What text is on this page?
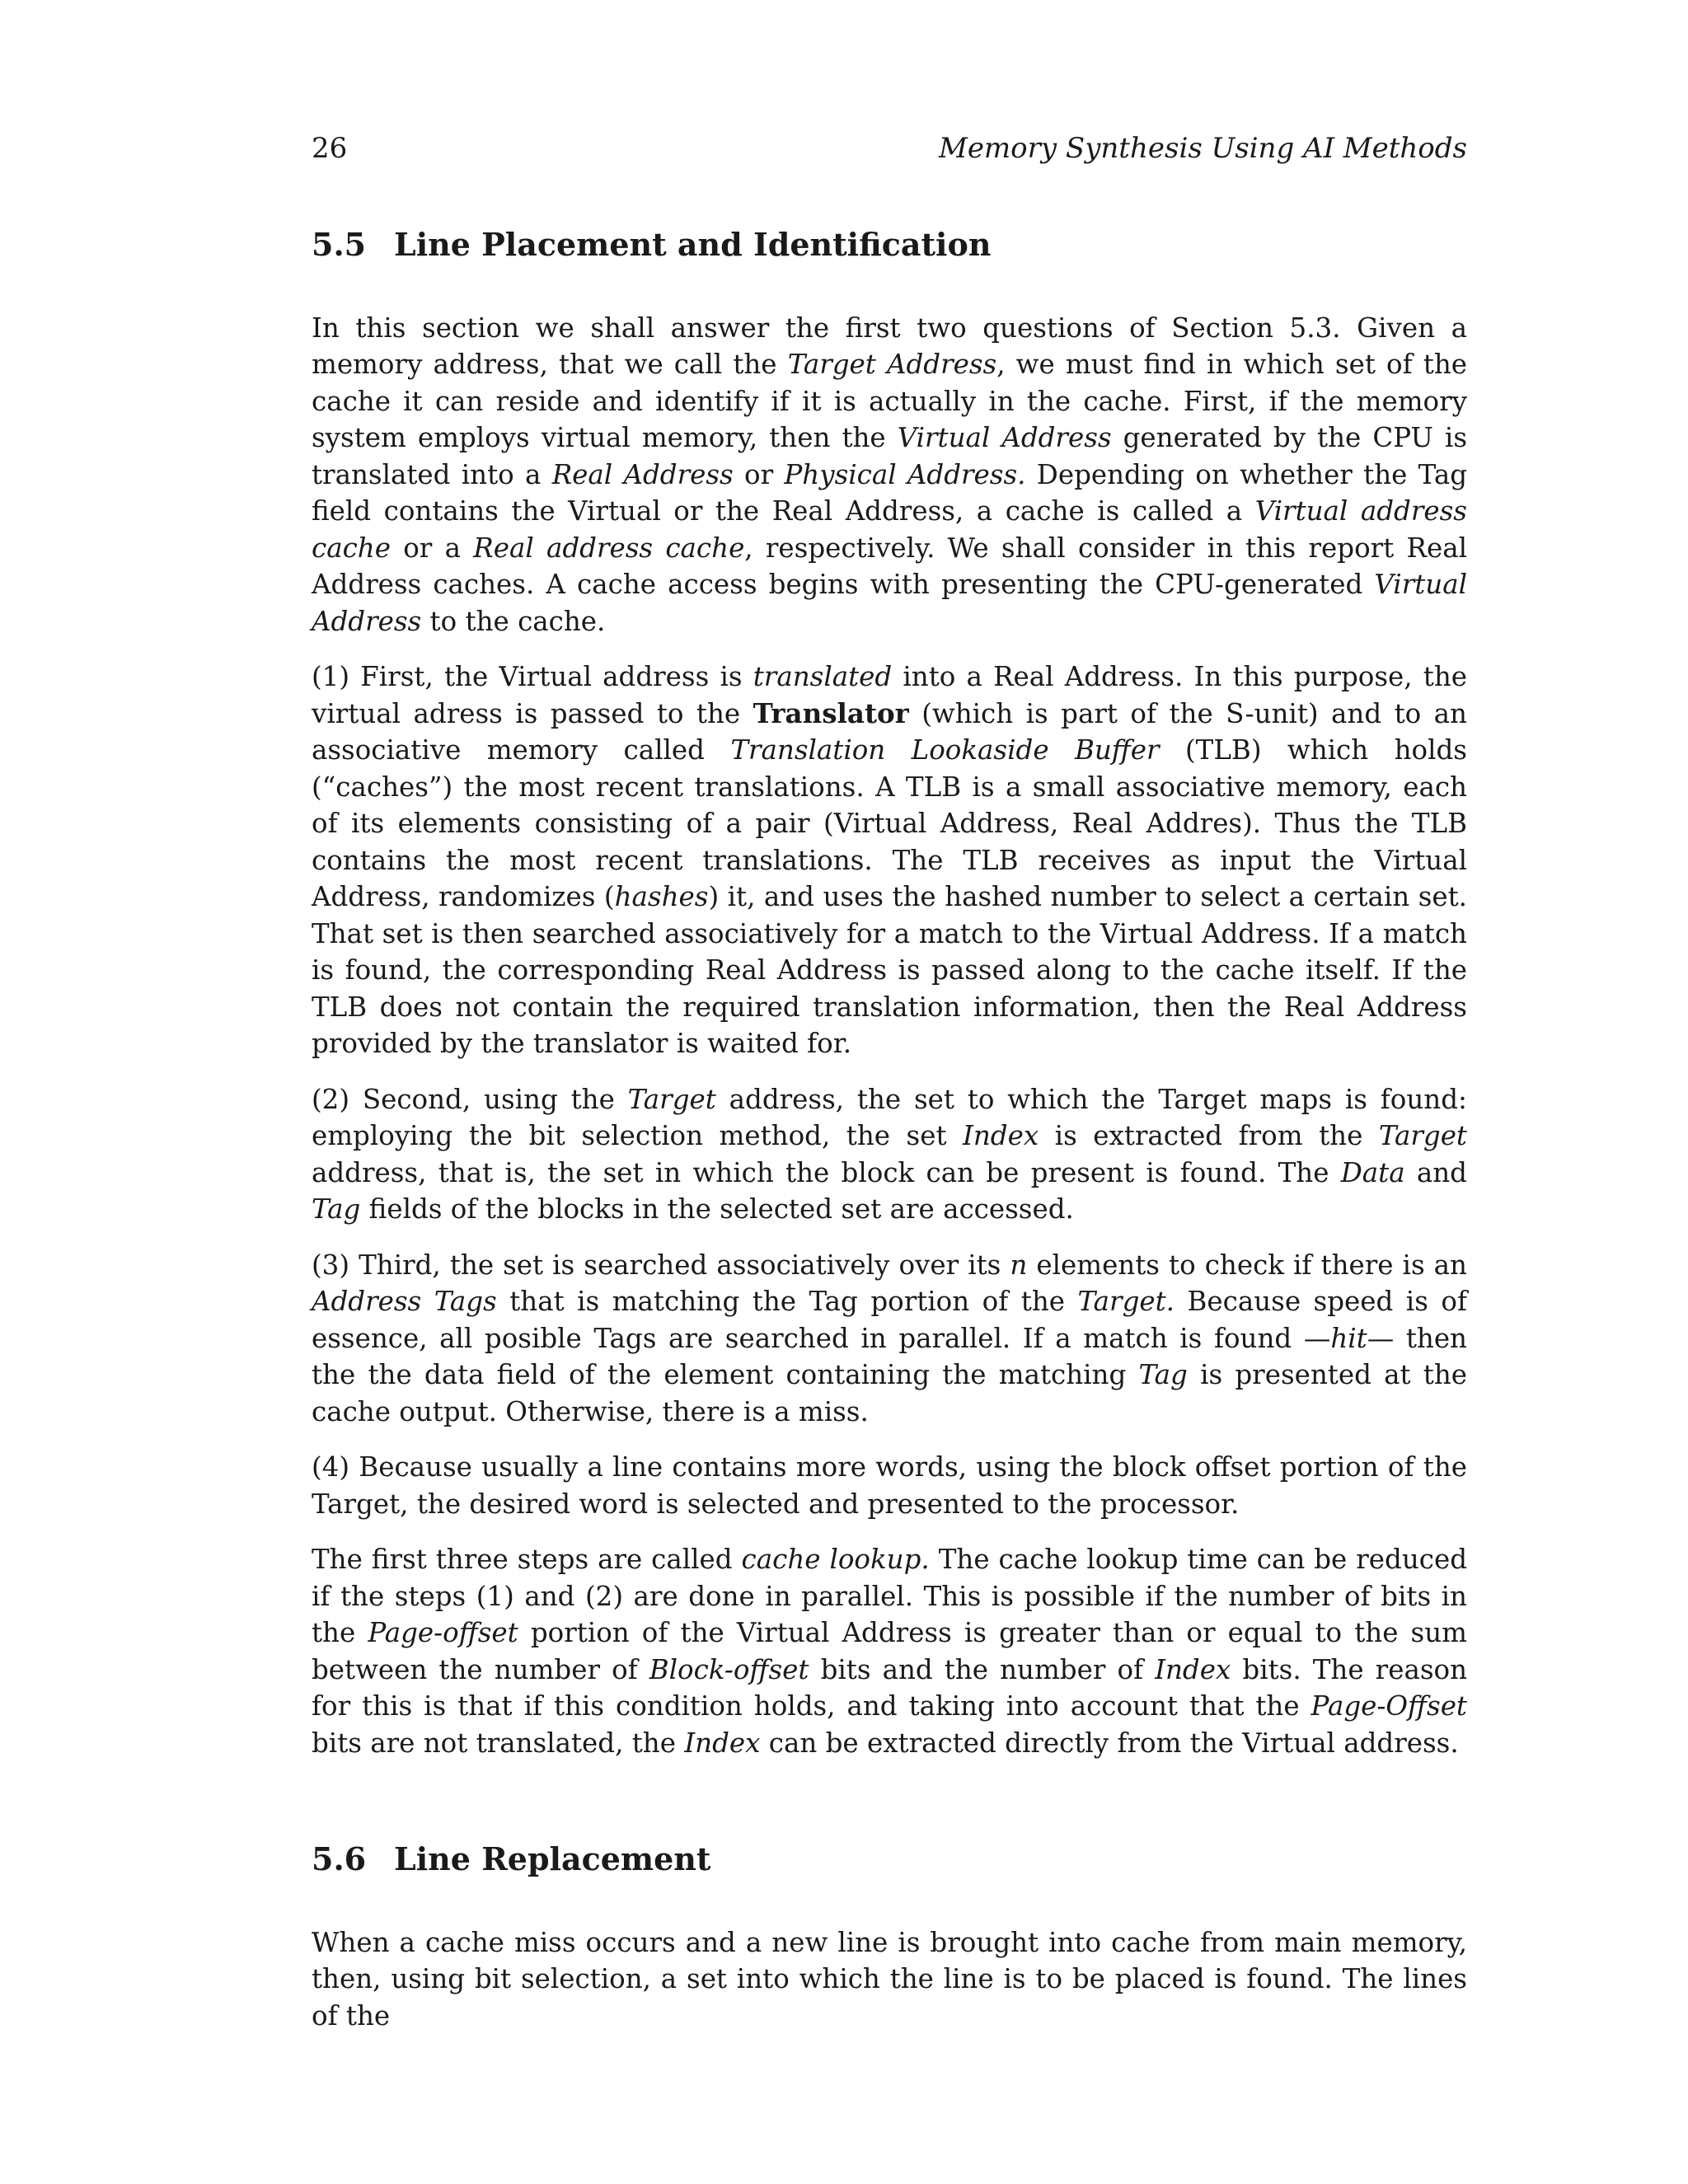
26	Memory Synthesis Using AI Methods
5.5 Line Placement and Identification

In this section we shall answer the first two questions of Section 5.3. Given a memory address, that we call the Target Address, we must find in which set of the cache it can reside and identify if it is actually in the cache. First, if the memory system employs virtual memory, then the Virtual Address generated by the CPU is translated into a Real Address or Physical Address. Depending on whether the Tag field contains the Virtual or the Real Address, a cache is called a Virtual address cache or a Real address cache, respectively. We shall consider in this report Real Address caches. A cache access begins with presenting the CPU-generated Virtual Address to the cache.

(1) First, the Virtual address is translated into a Real Address. In this purpose, the virtual adress is passed to the Translator (which is part of the S-unit) and to an associative memory called Translation Lookaside Buffer (TLB) which holds (“caches”) the most recent translations. A TLB is a small associative memory, each of its elements consisting of a pair (Virtual Address, Real Addres). Thus the TLB contains the most recent translations. The TLB receives as input the Virtual Address, randomizes (hashes) it, and uses the hashed number to select a certain set. That set is then searched associatively for a match to the Virtual Address. If a match is found, the corresponding Real Address is passed along to the cache itself. If the TLB does not contain the required translation information, then the Real Address provided by the translator is waited for.

(2) Second, using the Target address, the set to which the Target maps is found: employing the bit selection method, the set Index is extracted from the Target address, that is, the set in which the block can be present is found. The Data and Tag fields of the blocks in the selected set are accessed.

(3) Third, the set is searched associatively over its n elements to check if there is an Address Tags that is matching the Tag portion of the Target. Because speed is of essence, all posible Tags are searched in parallel. If a match is found —hit— then the the data field of the element containing the matching Tag is presented at the cache output. Otherwise, there is a miss.

(4) Because usually a line contains more words, using the block offset portion of the Target, the desired word is selected and presented to the processor.

The first three steps are called cache lookup. The cache lookup time can be reduced if the steps (1) and (2) are done in parallel. This is possible if the number of bits in the Page-offset portion of the Virtual Address is greater than or equal to the sum between the number of Block-offset bits and the number of Index bits. The reason for this is that if this condition holds, and taking into account that the Page-Offset bits are not translated, the Index can be extracted directly from the Virtual address.

5.6 Line Replacement

When a cache miss occurs and a new line is brought into cache from main memory, then, using bit selection, a set into which the line is to be placed is found. The lines of the
